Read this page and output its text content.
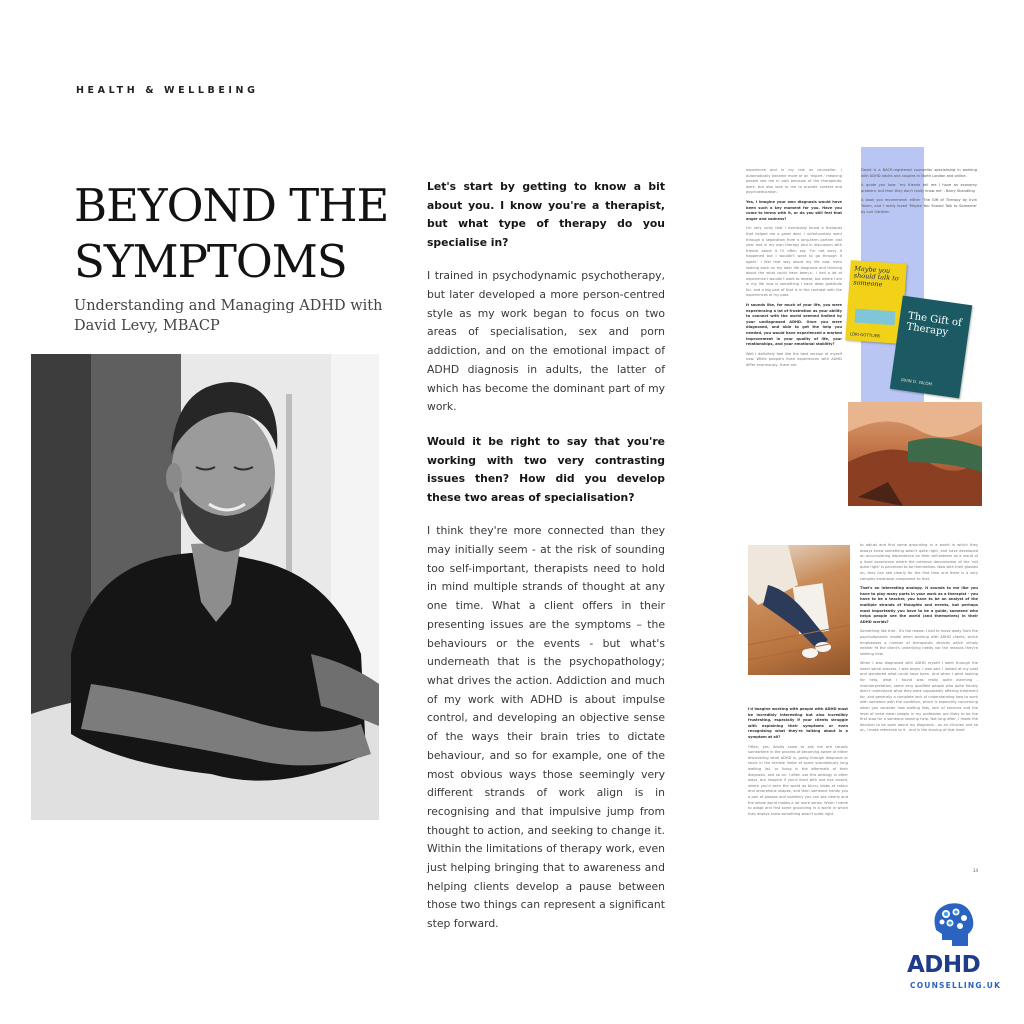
HEALTH & WELLBEING
BEYOND THE
SYMPTOMS
Understanding and Managing ADHD with David Levy, MBACP

Let's start by getting to know a bit about you. I know you're a therapist, but what type of therapy do you specialise in?

I trained in psychodynamic psychotherapy, but later developed a more person-centred style as my work began to focus on two areas of specialisation, sex and porn addiction, and on the emotional impact of ADHD diagnosis in adults, the latter of which has become the dominant part of my work.

Would it be right to say that you're working with two very contrasting issues then? How did you develop these two areas of specialisation?

I think they're more connected than they may initially seem - at the risk of sounding too self-important, therapists need to hold in mind multiple strands of thought at any one time. What a client offers in their presenting issues are the symptoms – the behaviours or the events - but what's underneath that is the psychopathology; what drives the action. Addiction and much of my work with ADHD is about impulse control, and developing an objective sense of the ways their brain tries to dictate behaviour, and so for example, one of the most obvious ways those seemingly very different strands of work align is in recognising and that impulsive jump from thought to action, and seeking to change it. Within the limitations of therapy work, even just helping bringing that to awareness and helping clients develop a pause between those two things can represent a significant step forward.

experience and in my role as counsellor, I automatically became more of an 'expert,' meaning people see me in part because of the therapeutic work, but also look to me to provide context and psychoeducation.
Yes, I imagine your own diagnosis would have been such a key moment for you. Have you come to terms with it, or do you still feel that anger and sadness?
I'm very lucky that I eventually found a therapist that helped me a great deal. I unfortunately went through a separation from a long-term partner last year and in my own therapy and in discussion with friends about it I'll often say 'I'm not sorry it happened but I wouldn't want to go through it again.' I feel that way about my life now, even looking back on my later life diagnosis and thinking about the what could have been-s'. I had a lot of experience I wouldn't want to repeat, but where I am in my life now is something I have deep gratitude for, and a big part of that is in the contrast with the experiences of my past.
It sounds like, for much of your life, you were experiencing a lot of frustration as your ability to connect with the world seemed limited by your undiagnosed ADHD. Once you were diagnosed, and able to get the help you needed, you would have experienced a marked improvement in your quality of life, your relationships, and your emotional stability?
Well I definitely feel like the best version of myself now. While people's lived experiences with ADHD differ enormously, there are
David is a BACP-registered counsellor specialising in working with ADHD adults and couples in North London and online.
A quote you love: 'my friends tell me I have an economy problem, but then they don't really know me' - Barry Shandling
A book you recommend: either 'The Gift of Therapy by Irvin Yalom, and I really loved 'Maybe You Should Talk to Someone' by Lori Gottlieb.
Maybe you should talk to someone
LORI GOTTLIEB
The Gift of Therapy
IRVIN D. YALOM
I'd imagine working with people with ADHD must be incredibly interesting but also incredibly frustrating, especially if your clients struggle with explaining their symptoms or even recognising what they're talking about is a symptom at all?
Often, yes. Adults come to see me are usually somewhere in the process of becoming aware of either discovering what ADHD is, going through diagnosis or stuck in the terrible limbo of some scandalously long waiting list, or living in the aftermath of their diagnosis, and so on. I often use this analogy in other ways, but imagine if you'd lived with one eye closed, where you'd seen the world as blurry blobs of colour and amorphous shapes, and then someone hands you a pair of glasses and suddenly you can see clearly and the whole world makes a lot more sense. When I came to adapt and find some grounding in a world in which they always knew something wasn't quite right.
to adjust and find some grounding in a world in which they always knew something wasn't quite right, and have developed an accumulating dependence on their self-esteem as a result of a lived experience where the common denominator of the 'not quite right' is perceived to be themselves. Now with their glasses on, they can see clearly for the first time and there is a very complex emotional component to that.
That's an interesting analogy. It sounds to me like you have to play many parts in your work as a therapist - you have to be a teacher, you have to be an analyst of the multiple strands of thoughts and events, but perhaps most importantly you have to be a guide, someone who helps people see the world (and themselves) in their ADHD worlds?
Something like that - it's the reason I had to move away from the psychodynamic model when working with ADHD clients, which emphasises a number of therapeutic devices which simply neither fit the client's underlying needs nor the reasons they're seeking help.
When I was diagnosed with ADHD myself I went through the exact same process. I was angry. I was sad. I looked at my past and wondered what could have been. And when I went looking for help, what I found was really quite alarming - misinterpretation, some very qualified people who quite frankly didn't understand what they were supposedly offering treatment for, and generally a complete lack of understanding how to work with someone with the condition, which is especially concerning when you consider how waiting lists, lack of services and the level of need mean people in my profession are likely to be the first stop for a someone seeking help. Not long after, I made the decision to be open about my diagnosis - as an clinician and so on, I make reference to it - and in the sharing of that lived
14
ADHD
COUNSELLING.UK
